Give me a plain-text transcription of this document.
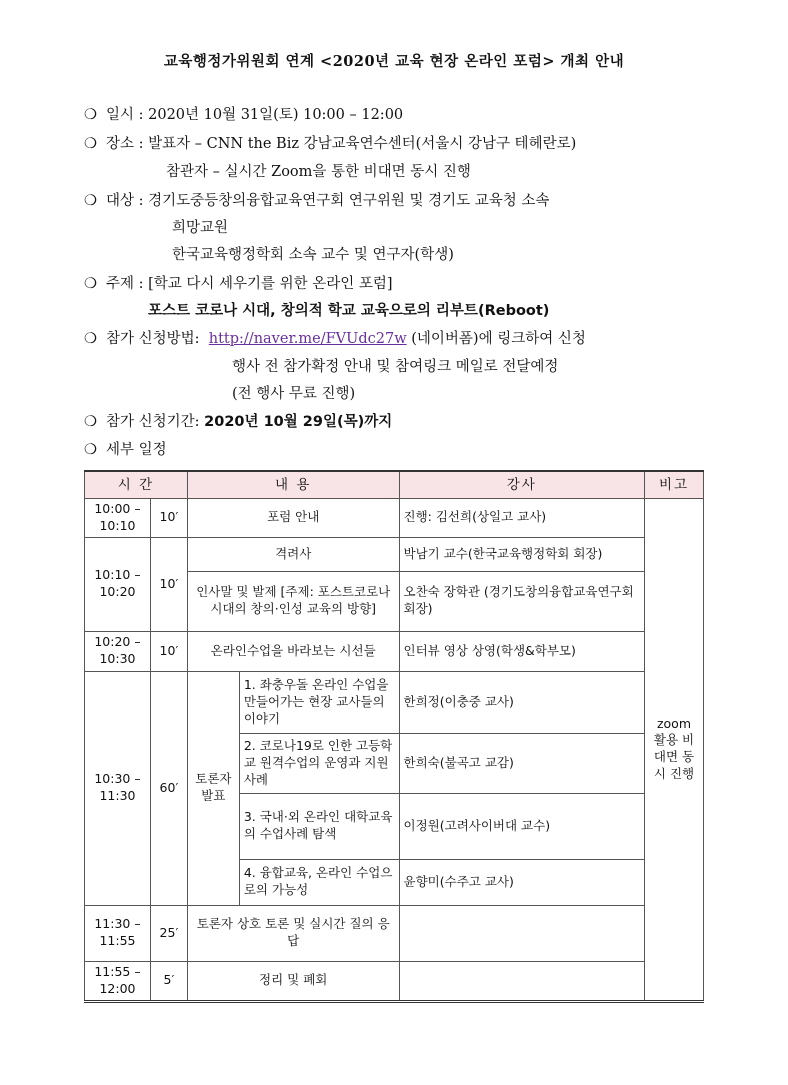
교육행정가위원회 연계 <2020년 교육 현장 온라인 포럼> 개최 안내
❍ 일시 : 2020년 10월 31일(토) 10:00 – 12:00
❍ 장소 : 발표자 – CNN the Biz 강남교육연수센터(서울시 강남구 테헤란로)
참관자 – 실시간 Zoom을 통한 비대면 동시 진행
❍ 대상 : 경기도중등창의융합교육연구회 연구위원 및 경기도 교육청 소속
희망교원
한국교육행정학회 소속 교수 및 연구자(학생)
❍ 주제 : [학교 다시 세우기를 위한 온라인 포럼]
포스트 코로나 시대, 창의적 학교 교육으로의 리부트(Reboot)
❍ 참가 신청방법: http://naver.me/FVUdc27w (네이버폼)에 링크하여 신청
행사 전 참가확정 안내 및 참여링크 메일로 전달예정
(전 행사 무료 진행)
❍ 참가 신청기간: 2020년 10월 29일(목)까지
❍ 세부 일정
시 간		내 용		강사	비고
10:00 – 10:10	10′	포럼 안내		진행: 김선희(상일고 교사)	zoom 활용 비대면 동시 진행
10:10 – 10:20	10′	격려사		박남기 교수(한국교육행정학회 회장)	
		인사말 및 발제 [주제: 포스트코로나 시대의 창의·인성 교육의 방향]		오찬숙 장학관 (경기도창의융합교육연구회 회장)	
10:20 – 10:30	10′	온라인수업을 바라보는 시선들		인터뷰 영상 상영(학생&학부모)	
10:30 – 11:30	60′	토론자 발표	1. 좌충우돌 온라인 수업을 만들어가는 현장 교사들의 이야기	한희정(이충중 교사)	
			2. 코로나19로 인한 고등학교 원격수업의 운영과 지원사례	한희숙(불곡고 교감)	
			3. 국내·외 온라인 대학교육의 수업사례 탐색	이정원(고려사이버대 교수)	
			4. 융합교육, 온라인 수업으로의 가능성	윤향미(수주고 교사)	
11:30 – 11:55	25′	토론자 상호 토론 및 실시간 질의 응답			
11:55 – 12:00	5′	정리 및 폐회			
